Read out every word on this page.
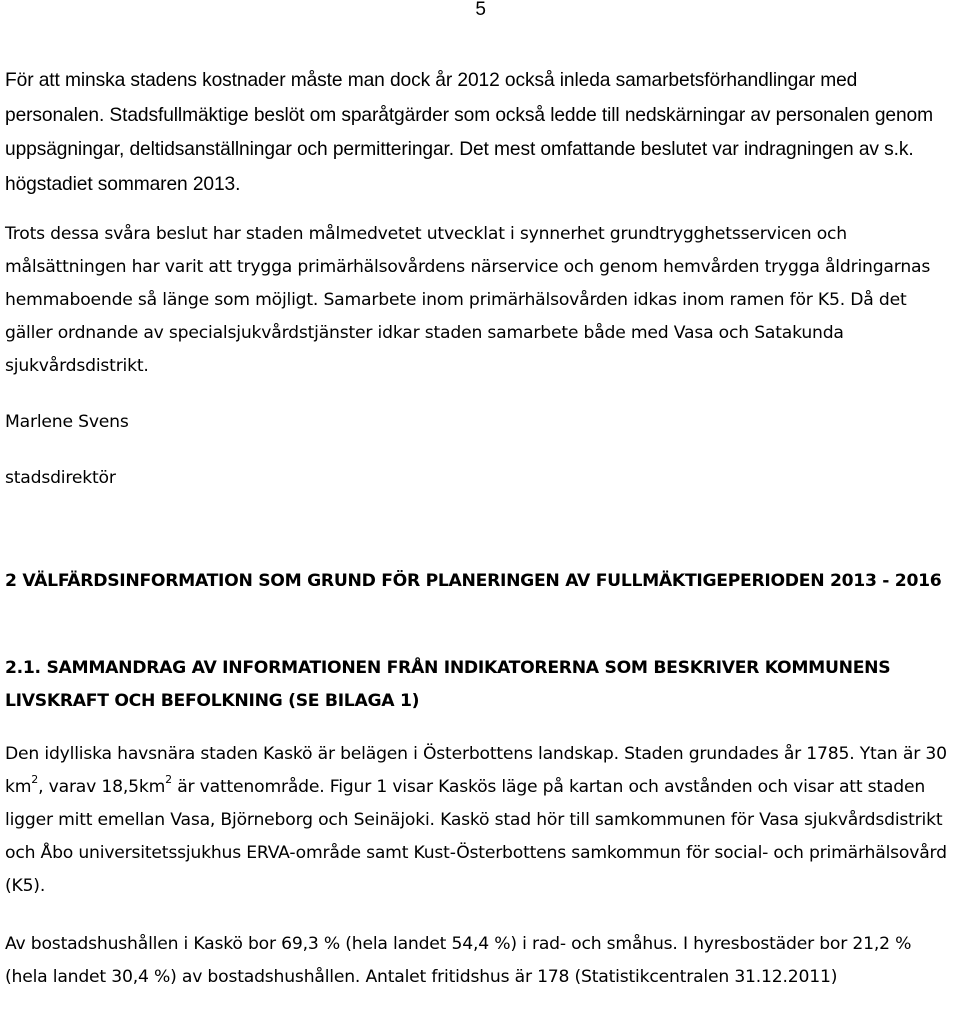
5

För att minska stadens kostnader måste man dock år 2012 också inleda samarbetsförhandlingar med personalen. Stadsfullmäktige beslöt om sparåtgärder som också ledde till nedskärningar av personalen genom uppsägningar, deltidsanställningar och permitteringar. Det mest omfattande beslutet var indragningen av s.k. högstadiet sommaren 2013.

Trots dessa svåra beslut har staden målmedvetet utvecklat i synnerhet grundtrygghetsservicen och målsättningen har varit att trygga primärhälsovårdens närservice och genom hemvården trygga åldringarnas hemmaboende så länge som möjligt. Samarbete inom primärhälsovården idkas inom ramen för K5. Då det gäller ordnande av specialsjukvårdstjänster idkar staden samarbete både med Vasa och Satakunda sjukvårdsdistrikt.

Marlene Svens

stadsdirektör

2 VÄLFÄRDSINFORMATION SOM GRUND FÖR PLANERINGEN AV FULLMÄKTIGEPERIODEN 2013 - 2016
2.1. SAMMANDRAG AV INFORMATIONEN FRÅN INDIKATORERNA SOM BESKRIVER KOMMUNENS LIVSKRAFT OCH BEFOLKNING (SE BILAGA 1)

Den idylliska havsnära staden Kaskö är belägen i Österbottens landskap. Staden grundades år 1785. Ytan är 30 $km^2$, varav $18,5km^2$ är vattenområde. Figur 1 visar Kaskös läge på kartan och avstånden och visar att staden ligger mitt emellan Vasa, Björneborg och Seinäjoki. Kaskö stad hör till samkommunen för Vasa sjukvårdsdistrikt och Åbo universitetssjukhus ERVA-område samt Kust-Österbottens samkommun för social- och primärhälsovård (K5).

Av bostadshushållen i Kaskö bor 69,3 % (hela landet 54,4 %) i rad- och småhus. I hyresbostäder bor 21,2 % (hela landet 30,4 %) av bostadshushållen. Antalet fritidshus är 178 (Statistikcentralen 31.12.2011)
